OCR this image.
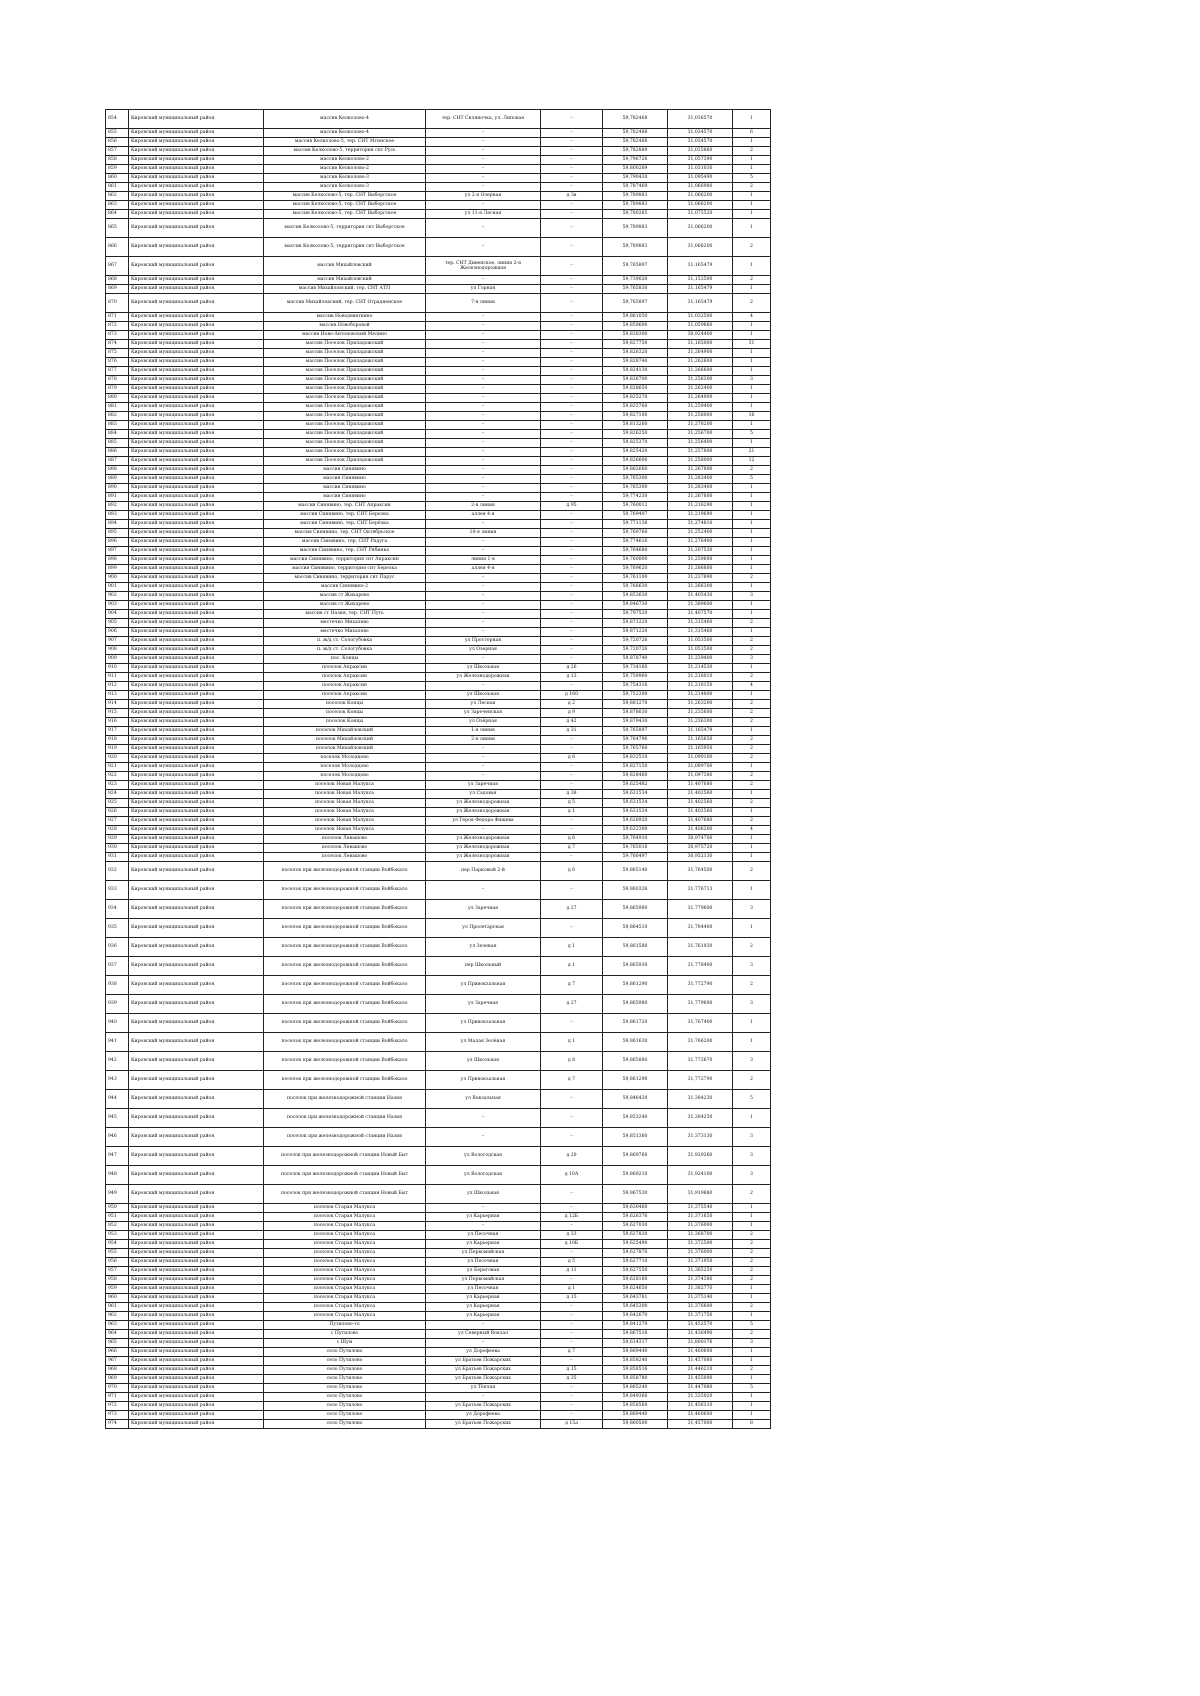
854	Кировский муниципальный район	массив Келколово-4	тер. СНТ Скляночка, ул. Липовая	–	59,782468	31,036570	1
855	Кировский муниципальный район	массив Келколово-4	–	–	59,782488	31,034570	6
856	Кировский муниципальный район	массив Келколово-5, тер. СНТ Мгинское	–	–	59,782488	31,034570	1
857	Кировский муниципальный район	массив Келколово-5, территория сnт Русь	–	–	59,782889	31,035860	2
858	Кировский муниципальный район	массив Келколово-2	–	–	59,796726	31,057390	1
859	Кировский муниципальный район	массив Келколово-2	–	–	59,800269	31,031030	1
860	Кировский муниципальный район	массив Келколово-3	–	–	59,790430	31,095490	5
861	Кировский муниципальный район	массив Келколово-3	–	–	59,787469	31,066980	2
862	Кировский муниципальный район	массив Келколово-5, тер. СНТ Выборгское	ул 2-я Озерная	д 3в	59,789883	31,066200	1
863	Кировский муниципальный район	массив Келколово-5, тер. СНТ Выборгское	–	–	59,789883	31,066200	1
864	Кировский муниципальный район	массив Келколово-5, тер. СНТ Выборгское	ул 11-я Лесная	–	59,780385	31,075520	1
865	Кировский муниципальный район	массив Келколово-5, территория снт Выборгское	–	–	59,789883	31,066200	1
866	Кировский муниципальный район	массив Келколово-5, территория снт Выборгское	–	–	59,789883	31,066200	2
867	Кировский муниципальный район	массив Михайловский	тер. СНТ Дивенское, линия 2-я Железнодорожная	–	59,765897	31,165479	1
868	Кировский муниципальный район	массив Михайловский	–	–	59,739020	31,153500	2
869	Кировский муниципальный район	массив Михайловский, тер. СНТ АТП	ул Горная	–	59,765830	31,165479	1
870	Кировский муниципальный район	массив Михайловский, тер. СНТ Отрадненское	7-я линия	–	59,765897	31,165479	2
871	Кировский муниципальный район	массив Новодевяткино	–	–	59,861050	31,032500	4
872	Кировский муниципальный район	массив Новоборовой	–	–	59,859600	31,059660	1
873	Кировский муниципальный район	массив Ново-Антоновский Мелино	–	–	59,838300	30,924400	1
874	Кировский муниципальный район	массив Поселок Приладожский	–	–	59,827750	31,165000	31
875	Кировский муниципальный район	массив Поселок Приладожский	–	–	59,826320	31,264900	1
876	Кировский муниципальный район	массив Поселок Приладожский	–	–	59,828740	31,262600	1
877	Кировский муниципальный район	массив Поселок Приладожский	–	–	59,824130	31,266600	1
878	Кировский муниципальный район	массив Поселок Приладожский	–	–	59,826700	31,256300	3
879	Кировский муниципальный район	массив Поселок Приладожский	–	–	59,828650	31,262400	1
880	Кировский муниципальный район	массив Поселок Приладожский	–	–	59,825270	31,264900	1
881	Кировский муниципальный район	массив Поселок Приладожский	–	–	59,825760	31,259400	1
882	Кировский муниципальный район	массив Поселок Приладожский	–	–	59,827100	31,258000	16
883	Кировский муниципальный район	массив Поселок Приладожский	–	–	59,813260	31,278200	1
884	Кировский муниципальный район	массив Поселок Приладожский	–	–	59,826250	31,256700	5
885	Кировский муниципальный район	массив Поселок Приладожский	–	–	59,825370	31,256400	1
886	Кировский муниципальный район	массив Поселок Приладожский	–	–	59,825420	31,257800	21
887	Кировский муниципальный район	массив Поселок Приладожский	–	–	59,826600	31,258000	12
888	Кировский муниципальный район	массив Синявино	–	–	59,862660	31,267800	2
889	Кировский муниципальный район	массив Синявино	–	–	59,765300	31,283400	5
890	Кировский муниципальный район	массив Синявино	–	–	59,765300	31,283400	1
891	Кировский муниципальный район	массив Синявино	–	–	59,774230	31,267800	1
892	Кировский муниципальный район	массив Синявино, тер. СНТ Апраксин	2-я линия	д 95	59,760012	31,216290	1
893	Кировский муниципальный район	массив Синявино, тер. СНТ Березка	аллея 4-я	–	59,769497	31,219690	1
894	Кировский муниципальный район	массив Синявино, тер. СНТ Берёзка	–	–	59,771136	31,274810	1
895	Кировский муниципальный район	массив Синявино, тер. СНТ Октябрьское	10-я линия	–	59,769760	31,252400	1
896	Кировский муниципальный район	массив Синявино, тер. СНТ Радуга	–	–	59,774616	31,276400	1
897	Кировский муниципальный район	массив Синявино, тер. СНТ Рябинка	–	–	59,764680	31,207530	1
898	Кировский муниципальный район	массив Синявино, территория снт Апраксин	линия 1-я	–	59,760000	31,259600	1
899	Кировский муниципальный район	массив Синявино, территория снт Березка	аллея 4-я	–	59,769620	31,286800	1
900	Кировский муниципальный район	массив Синявино, территория снт Парус	–	–	59,761100	31,237890	2
901	Кировский муниципальный район	массив Синявино-2	–	–	59,766630	31,266300	1
902	Кировский муниципальный район	массив ст Жихарево	–	–	59,853630	31,405430	3
903	Кировский муниципальный район	массив ст Жихарево	–	–	59,846730	31,389600	1
904	Кировский муниципальный район	массив ст Назия, тер. СНТ Путь	–	–	59,797520	31,407570	1
905	Кировский муниципальный район	местечко Михалево	–	–	59,871220	31,315460	2
906	Кировский муниципальный район	местечко Михалево	–	–	59,871220	31,315460	1
907	Кировский муниципальный район	п. ж/д ст. Сологубовка	ул Просторная	–	59,720726	31,053500	2
908	Кировский муниципальный район	п. ж/д ст. Сологубовка	ул Озерная	–	59,720726	31,053500	2
909	Кировский муниципальный район	пос. Концы	–	–	59,878740	31,239400	3
910	Кировский муниципальный район	поселок Апраксин	ул Школьная	д 26	59,734160	31,214530	1
911	Кировский муниципальный район	поселок Апраксин	ул Железнодорожная	д 13	59,759960	31,216010	2
912	Кировский муниципальный район	поселок Апраксин	–	–	59,754316	31,216150	4
913	Кировский муниципальный район	поселок Апраксин	ул Школьная	д 160	59,752309	31,214800	1
914	Кировский муниципальный район	поселок Концы	ул Лесная	д 2	59,881270	31,263200	2
915	Кировский муниципальный район	поселок Концы	ул Зареченская	д 9	59,878030	31,235600	2
916	Кировский муниципальный район	поселок Концы	ул Озёрная	д 42	59,879430	31,236300	2
917	Кировский муниципальный район	поселок Михайловский	1-я линия	д 31	59,765897	31,165479	1
918	Кировский муниципальный район	поселок Михайловский	2-я линия	–	59,764796	31,165650	2
919	Кировский муниципальный район	поселок Михайловский	–	–	59,765760	31,165950	2
920	Кировский муниципальный район	поселок Молодцово	–	д 6	59,832510	31,090100	2
921	Кировский муниципальный район	поселок Молодцово	–	–	59,827150	31,089700	1
922	Кировский муниципальный район	поселок Молодцово	–	–	59,828460	31,097380	2
923	Кировский муниципальный район	поселок Новая Малукса	ул Заречная	–	59,625482	31,407680	2
924	Кировский муниципальный район	поселок Новая Малукса	ул Садовая	д 38	59,631534	31,402560	1
925	Кировский муниципальный район	поселок Новая Малукса	ул Железнодорожная	д 5	59,631534	31,402560	2
926	Кировский муниципальный район	поселок Новая Малукса	ул Железнодорожная	д 1	59,631534	31,402560	1
927	Кировский муниципальный район	поселок Новая Малукса	ул Героя Федора Фищева	–	59,628920	31,407680	2
928	Кировский муниципальный район	поселок Новая Малукса	–	–	59,632300	31,406200	4
929	Кировский муниципальный район	поселок Левашово	ул Железнодорожная	д 6	59,764910	30,974700	1
930	Кировский муниципальный район	поселок Левашово	ул Железнодорожная	д 7	59,765016	30,975720	1
931	Кировский муниципальный район	поселок Левашово	ул Железнодорожная	–	59,766497	30,952130	1
932	Кировский муниципальный район	поселок при железнодорожной станции Войбокало	пер Парковый 2-й	д 6	59,865140	31,764500	2
933	Кировский муниципальный район	поселок при железнодорожной станции Войбокало	–	–	59,860326	31,776713	1
934	Кировский муниципальный район	поселок при железнодорожной станции Войбокало	ул Заречная	д 27	59,865980	31,779600	3
935	Кировский муниципальный район	поселок при железнодорожной станции Войбокало	ул Пролетарская	–	59,864510	31,784400	1
936	Кировский муниципальный район	поселок при железнодорожной станции Войбокало	ул Зеленая	д 1	59,861580	31,761930	2
937	Кировский муниципальный район	поселок при железнодорожной станции Войбокало	пер Школьный	д 1	59,865930	31,778400	3
938	Кировский муниципальный район	поселок при железнодорожной станции Войбокало	ул Привокзальная	д 7	59,861290	31,772790	2
939	Кировский муниципальный район	поселок при железнодорожной станции Войбокало	ул Заречная	д 27	59,865980	31,779600	3
940	Кировский муниципальный район	поселок при железнодорожной станции Войбокало	ул Привокзальная	–	59,861720	31,767400	1
941	Кировский муниципальный район	поселок при железнодорожной станции Войбокало	ул Малая Зелёная	д 1	59,861630	31,766200	1
942	Кировский муниципальный район	поселок при железнодорожной станции Войбокало	ул Школьная	д 8	59,865880	31,772670	3
943	Кировский муниципальный район	поселок при железнодорожной станции Войбокало	ул Привокзальная	д 7	59,861290	31,772790	2
944	Кировский муниципальный район	поселок при железнодорожной станции Назия	ул Вокзальная	–	59,846420	31,384230	5
945	Кировский муниципальный район	поселок при железнодорожной станции Назия	–	–	59,853240	31,384250	1
946	Кировский муниципальный район	поселок при железнодорожной станции Назия	–	–	59,851360	31,373130	3
947	Кировский муниципальный район	поселок при железнодорожной станции Новый Быт	ул Вологодская	д 20	59,869760	31,929260	3
948	Кировский муниципальный район	поселок при железнодорожной станции Новый Быт	ул Вологодская	д 10А	59,869210	31,924100	3
949	Кировский муниципальный район	поселок при железнодорожной станции Новый Быт	ул Школьная	–	59,867530	31,919680	2
950	Кировский муниципальный район	поселок Старая Малукса	–	–	59,630460	31,375540	1
951	Кировский муниципальный район	поселок Старая Малукса	ул Карьерная	д 12Б	59,626376	31,371650	1
952	Кировский муниципальный район	поселок Старая Малукса	–	–	59,627030	31,376000	1
953	Кировский муниципальный район	поселок Старая Малукса	ул Песочная	д 33	59,627820	31,368700	2
954	Кировский муниципальный район	поселок Старая Малукса	ул Карьерная	д 10Б	59,625490	31,372500	2
955	Кировский муниципальный район	поселок Старая Малукса	ул Первомайская	–	59,627870	31,376000	2
956	Кировский муниципальный район	поселок Старая Малукса	ул Песочная	д 5	59,627710	31,371950	2
957	Кировский муниципальный район	поселок Старая Малукса	ул Береговая	д 11	59,627550	31,365250	2
958	Кировский муниципальный район	поселок Старая Малукса	ул Первомайская	–	59,628160	31,374380	2
959	Кировский муниципальный район	поселок Старая Малукса	ул Песочная	д 1	59,624650	31,382770	1
960	Кировский муниципальный район	поселок Старая Малукса	ул Карьерная	д 15	59,643781	31,375140	1
961	Кировский муниципальный район	поселок Старая Малукса	ул Карьерная	–	59,645300	31,376600	2
962	Кировский муниципальный район	поселок Старая Малукса	ул Карьерная	–	59,642670	31,371750	1
963	Кировский муниципальный район	Путилово-тл	–	–	59,841270	31,452570	5
964	Кировский муниципальный район	с Путилово	ул Северный Вокзал	–	59,867516	31,436490	2
965	Кировский муниципальный район	с Шум	–	–	59,614317	31,800176	3
966	Кировский муниципальный район	село Путилово	ул Дорофеева	д 7	59,869440	31,460600	1
967	Кировский муниципальный район	село Путилово	ул Братьев Пожарских	–	59,858240	31,457060	1
968	Кировский муниципальный район	село Путилово	ул Братьев Пожарских	д 15	59,858516	31,446210	2
969	Кировский муниципальный район	село Путилово	ул Братьев Пожарских	д 35	59,858780	31,455090	1
970	Кировский муниципальный район	село Путилово	ул Тёплая	–	59,865240	31,447080	5
971	Кировский муниципальный район	село Путилово	–	–	59,849360	31,335020	1
972	Кировский муниципальный район	село Путилово	ул Братьев Пожарских	–	59,858560	31,456310	1
973	Кировский муниципальный район	село Путилово	ул Дорофеева	–	59,869440	31,460600	1
974	Кировский муниципальный район	село Путилово	ул Братьев Пожарских	д 15а	59,860500	31,457000	8
